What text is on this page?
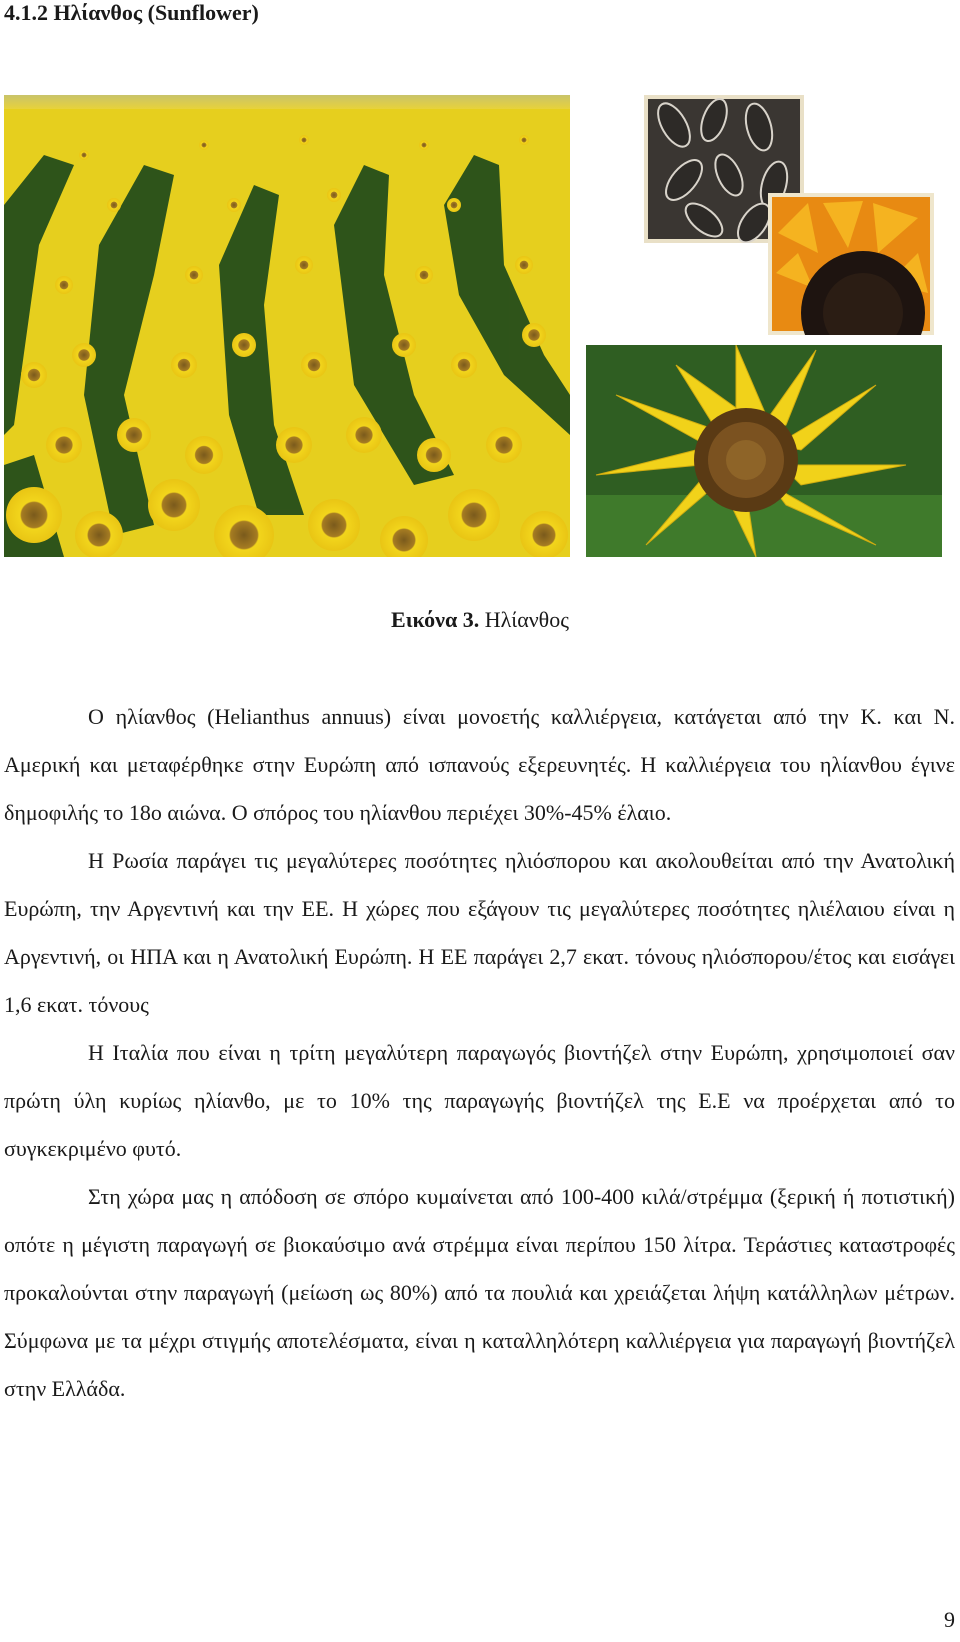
4.1.2 Ηλίανθος (Sunflower)

Εικόνα 3. Ηλίανθος

Ο ηλίανθος (Helianthus annuus) είναι μονοετής καλλιέργεια, κατάγεται από την Κ. και Ν. Αμερική και μεταφέρθηκε στην Ευρώπη από ισπανούς εξερευνητές. Η καλλιέργεια του ηλίανθου έγινε δημοφιλής το 18ο αιώνα. Ο σπόρος του ηλίανθου περιέχει 30%-45% έλαιο.

Η Ρωσία παράγει τις μεγαλύτερες ποσότητες ηλιόσπορου και ακολουθείται από την Ανατολική Ευρώπη, την Αργεντινή και την ΕΕ. Η χώρες που εξάγουν τις μεγαλύτερες ποσότητες ηλιέλαιου είναι η Αργεντινή, οι ΗΠΑ και η Ανατολική Ευρώπη. Η ΕΕ παράγει 2,7 εκατ. τόνους ηλιόσπορου/έτος και εισάγει 1,6 εκατ. τόνους

Η Ιταλία που είναι η τρίτη μεγαλύτερη παραγωγός βιοντήζελ στην Ευρώπη, χρησιμοποιεί σαν πρώτη ύλη κυρίως ηλίανθο, με το 10% της παραγωγής βιοντήζελ της Ε.Ε να προέρχεται από το συγκεκριμένο φυτό.

Στη χώρα μας η απόδοση σε σπόρο κυμαίνεται από 100-400 κιλά/στρέμμα (ξερική ή ποτιστική) οπότε η μέγιστη παραγωγή σε βιοκαύσιμο ανά στρέμμα είναι περίπου 150 λίτρα. Τεράστιες καταστροφές προκαλούνται στην παραγωγή (μείωση ως 80%) από τα πουλιά και χρειάζεται λήψη κατάλληλων μέτρων. Σύμφωνα με τα μέχρι στιγμής αποτελέσματα, είναι η καταλληλότερη καλλιέργεια για παραγωγή βιοντήζελ στην Ελλάδα.

9
